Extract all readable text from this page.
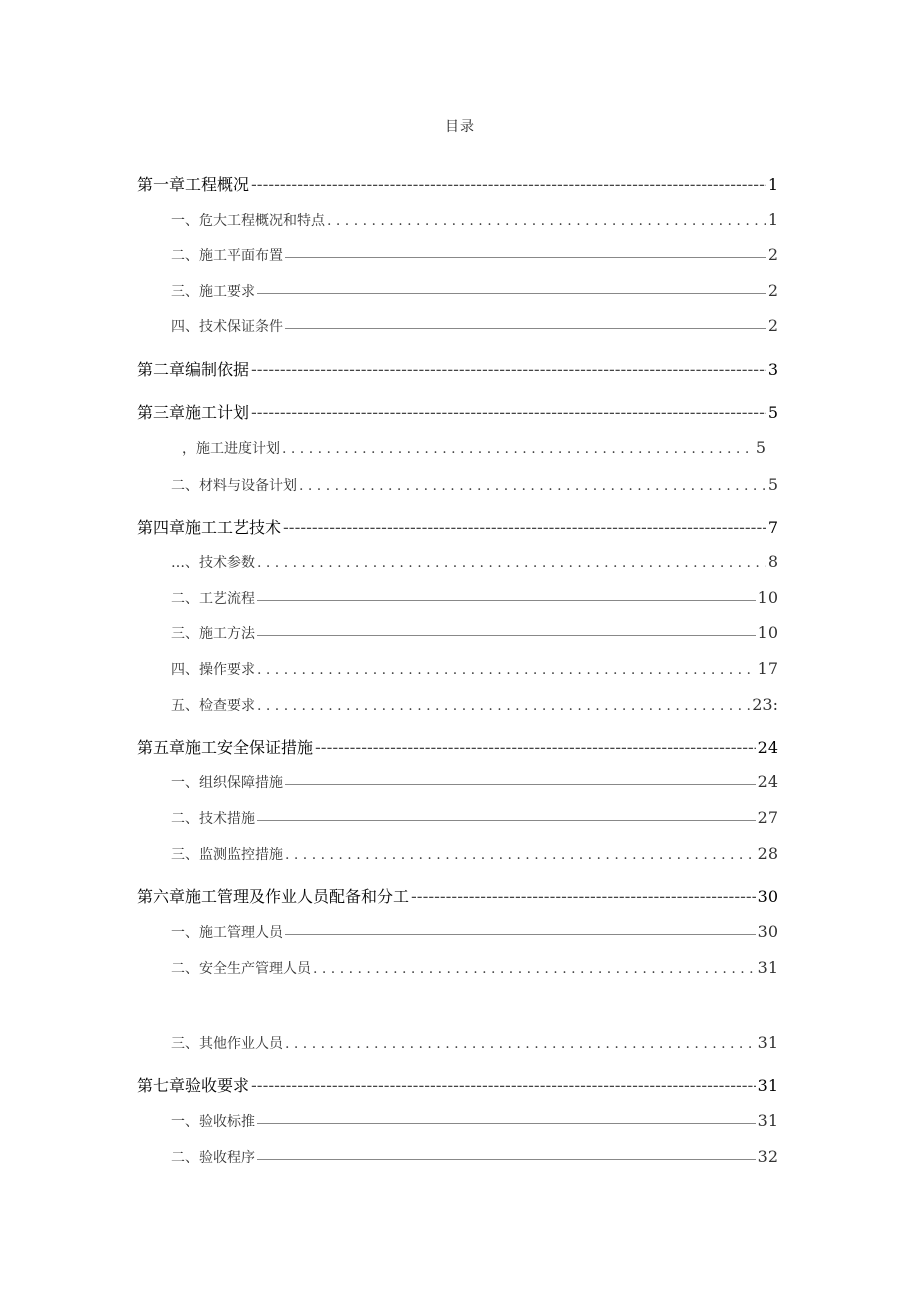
目录
第一章工程概况 -----	1
一、危大工程概况和特点 . . .	1
二、施工平面布置	2
三、施工要求	2
四、技术保证条件	2
第二章编制依据 -----	3
第三章施工计划 -----	5
，施工进度计划 . . .	5
二、材料与设备计划 . . .	5
第四章施工工艺技术 -----	7
…、技术参数 . . .	8
二、工艺流程	10
三、施工方法	10
四、操作要求 . . .	17
五、检查要求 . . .	23:
第五章施工安全保证措施 -----	24
一、组织保障措施	24
二、技术措施	27
三、监测监控措施 . . .	28
第六章施工管理及作业人员配备和分工 -----	30
一、施工管理人员	30
二、安全生产管理人员 . . .	31
三、其他作业人员 . . .	31
第七章验收要求 -----	31
一、验收标推	31
二、验收程序	32
